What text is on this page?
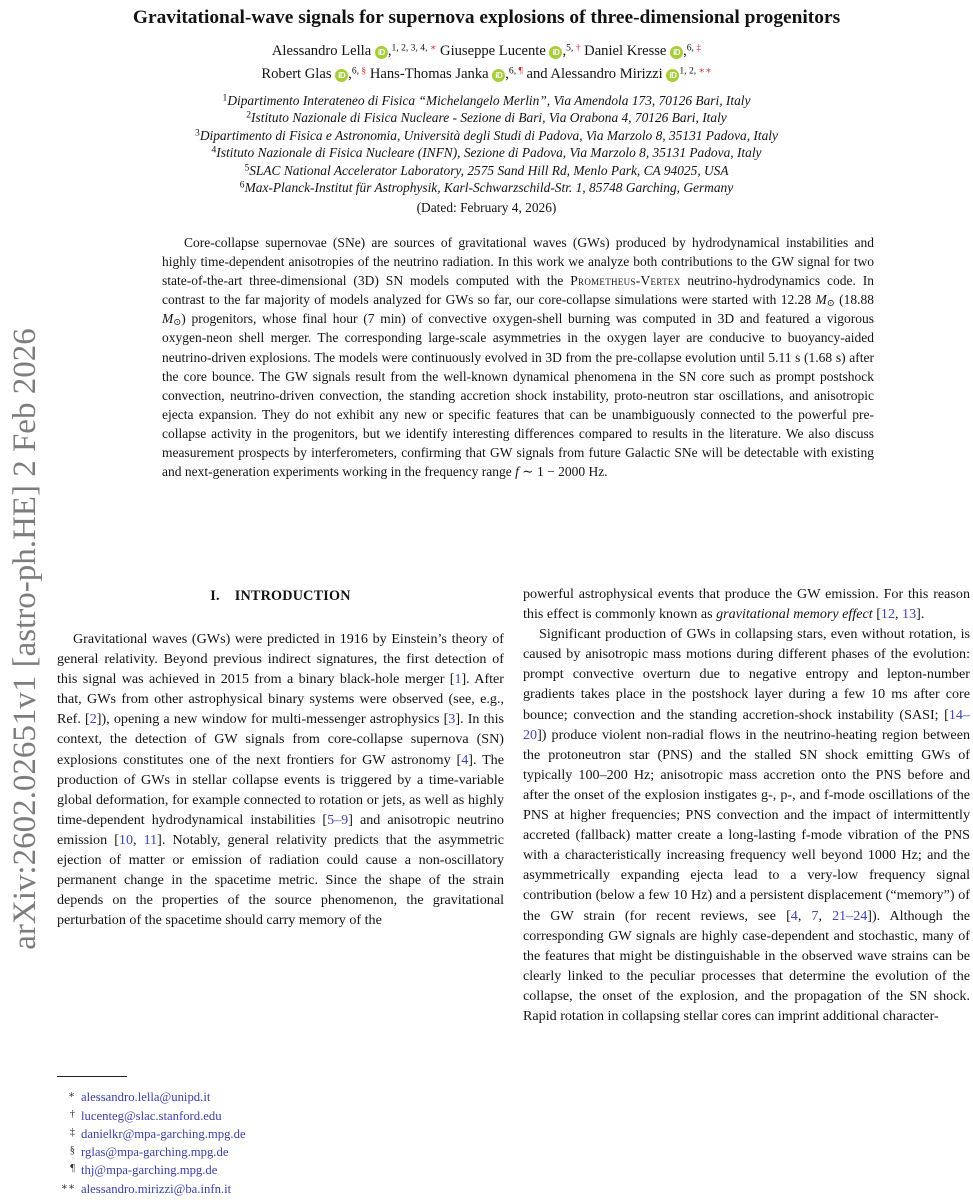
arXiv:2602.02651v1 [astro-ph.HE] 2 Feb 2026
Gravitational-wave signals for supernova explosions of three-dimensional progenitors
Alessandro Lella iD ,$^{1, 2, 3, 4,}$ ∗ Giuseppe Lucente iD ,$^{5,}$ † Daniel Kresse iD ,$^{6,}$ ‡
Robert Glas iD ,$^{6,}$ § Hans-Thomas Janka iD ,$^{6,}$ ¶ and Alessandro Mirizzi iD $^{1, 2,}$ ∗∗
$^1$Dipartimento Interateneo di Fisica “Michelangelo Merlin”, Via Amendola 173, 70126 Bari, Italy
$^2$Istituto Nazionale di Fisica Nucleare - Sezione di Bari, Via Orabona 4, 70126 Bari, Italy
$^3$Dipartimento di Fisica e Astronomia, Università degli Studi di Padova, Via Marzolo 8, 35131 Padova, Italy
$^4$Istituto Nazionale di Fisica Nucleare (INFN), Sezione di Padova, Via Marzolo 8, 35131 Padova, Italy
$^5$SLAC National Accelerator Laboratory, 2575 Sand Hill Rd, Menlo Park, CA 94025, USA
$^6$Max-Planck-Institut für Astrophysik, Karl-Schwarzschild-Str. 1, 85748 Garching, Germany
(Dated: February 4, 2026)
Core-collapse supernovae (SNe) are sources of gravitational waves (GWs) produced by hydrodynamical instabilities and highly time-dependent anisotropies of the neutrino radiation. In this work we analyze both contributions to the GW signal for two state-of-the-art three-dimensional (3D) SN models computed with the Prometheus-Vertex neutrino-hydrodynamics code. In contrast to the far majority of models analyzed for GWs so far, our core-collapse simulations were started with 12.28 M⊙ (18.88 M⊙) progenitors, whose final hour (7 min) of convective oxygen-shell burning was computed in 3D and featured a vigorous oxygen-neon shell merger. The corresponding large-scale asymmetries in the oxygen layer are conducive to buoyancy-aided neutrino-driven explosions. The models were continuously evolved in 3D from the pre-collapse evolution until 5.11 s (1.68 s) after the core bounce. The GW signals result from the well-known dynamical phenomena in the SN core such as prompt postshock convection, neutrino-driven convection, the standing accretion shock instability, proto-neutron star oscillations, and anisotropic ejecta expansion. They do not exhibit any new or specific features that can be unambiguously connected to the powerful pre-collapse activity in the progenitors, but we identify interesting differences compared to results in the literature. We also discuss measurement prospects by interferometers, confirming that GW signals from future Galactic SNe will be detectable with existing and next-generation experiments working in the frequency range f ∼ 1 − 2000 Hz.
I. INTRODUCTION
Gravitational waves (GWs) were predicted in 1916 by Einstein’s theory of general relativity. Beyond previous indirect signatures, the first detection of this signal was achieved in 2015 from a binary black-hole merger [1]. After that, GWs from other astrophysical binary systems were observed (see, e.g., Ref. [2]), opening a new window for multi-messenger astrophysics [3]. In this context, the detection of GW signals from core-collapse supernova (SN) explosions constitutes one of the next frontiers for GW astronomy [4]. The production of GWs in stellar collapse events is triggered by a time-variable global deformation, for example connected to rotation or jets, as well as highly time-dependent hydrodynamical instabilities [5–9] and anisotropic neutrino emission [10, 11]. Notably, general relativity predicts that the asymmetric ejection of matter or emission of radiation could cause a non-oscillatory permanent change in the spacetime metric. Since the shape of the strain depends on the properties of the source phenomenon, the gravitational perturbation of the spacetime should carry memory of the
∗ alessandro.lella@unipd.it
† lucenteg@slac.stanford.edu
‡ danielkr@mpa-garching.mpg.de
§ rglas@mpa-garching.mpg.de
¶ thj@mpa-garching.mpg.de
∗∗ alessandro.mirizzi@ba.infn.it
powerful astrophysical events that produce the GW emission. For this reason this effect is commonly known as gravitational memory effect [12, 13].
Significant production of GWs in collapsing stars, even without rotation, is caused by anisotropic mass motions during different phases of the evolution: prompt convective overturn due to negative entropy and lepton-number gradients takes place in the postshock layer during a few 10 ms after core bounce; convection and the standing accretion-shock instability (SASI; [14–20]) produce violent non-radial flows in the neutrino-heating region between the protoneutron star (PNS) and the stalled SN shock emitting GWs of typically 100–200 Hz; anisotropic mass accretion onto the PNS before and after the onset of the explosion instigates g-, p-, and f-mode oscillations of the PNS at higher frequencies; PNS convection and the impact of intermittently accreted (fallback) matter create a long-lasting f-mode vibration of the PNS with a characteristically increasing frequency well beyond 1000 Hz; and the asymmetrically expanding ejecta lead to a very-low frequency signal contribution (below a few 10 Hz) and a persistent displacement (“memory”) of the GW strain (for recent reviews, see [4, 7, 21–24]). Although the corresponding GW signals are highly case-dependent and stochastic, many of the features that might be distinguishable in the observed wave strains can be clearly linked to the peculiar processes that determine the evolution of the collapse, the onset of the explosion, and the propagation of the SN shock. Rapid rotation in collapsing stellar cores can imprint additional character-
